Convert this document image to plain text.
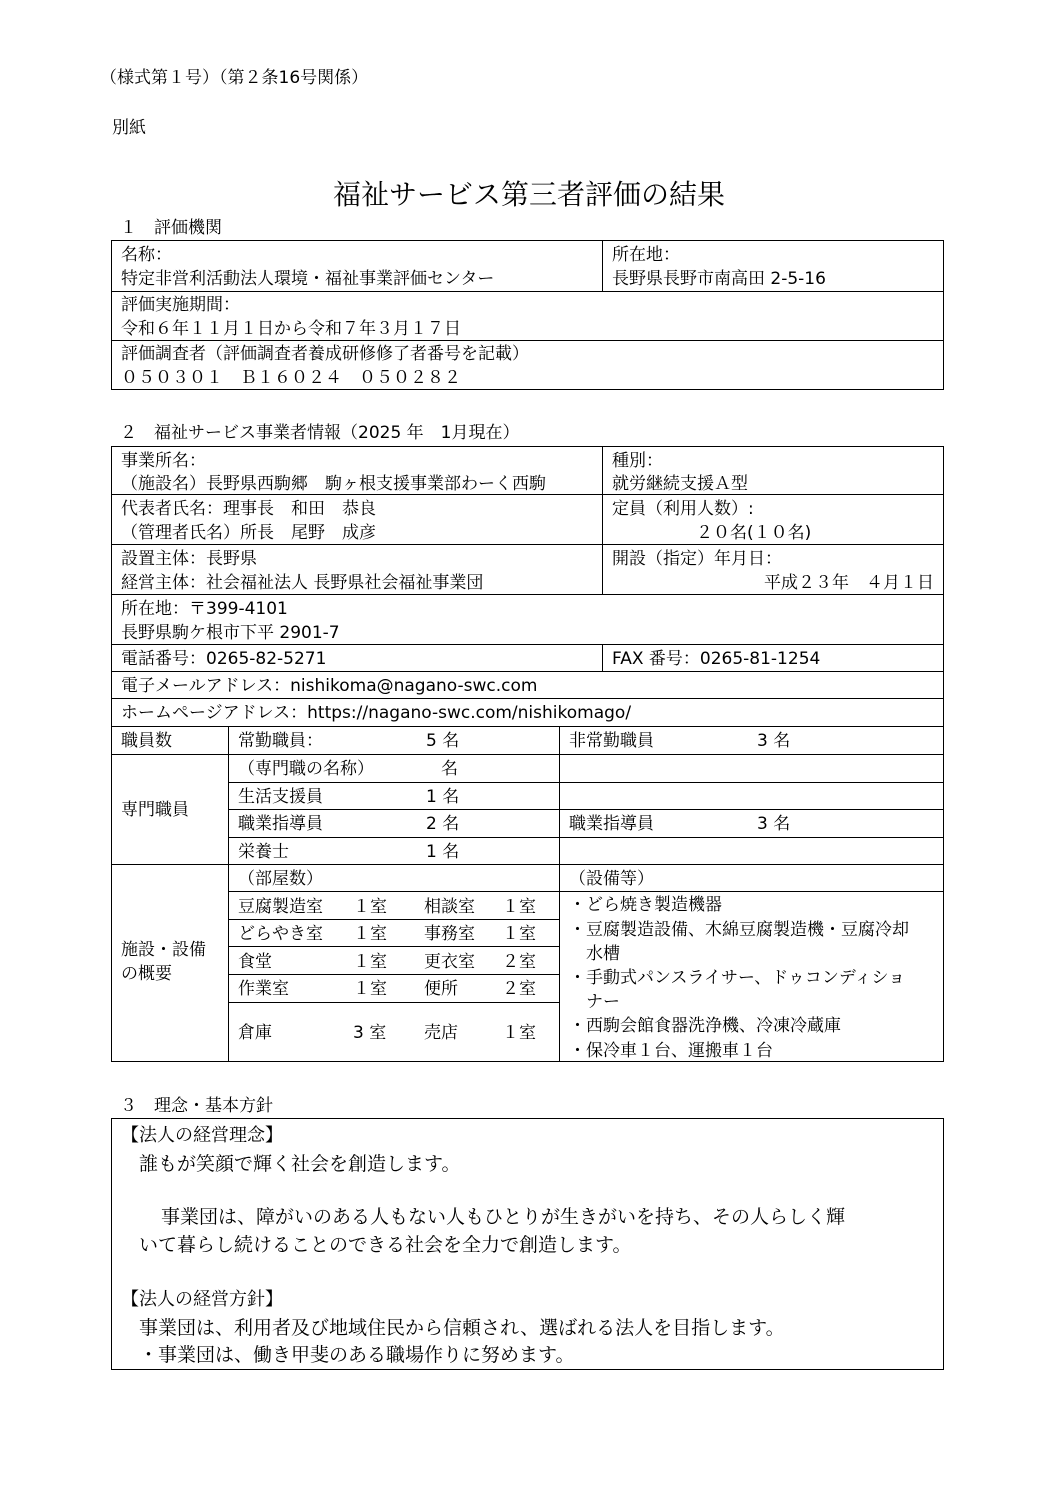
（様式第１号）（第２条16号関係）
別紙
福祉サービス第三者評価の結果
１　評価機関
名称：
特定非営利活動法人環境・福祉事業評価センター
所在地：
長野県長野市南高田 2-5-16
評価実施期間：
令和６年１１月１日から令和７年３月１７日
評価調査者（評価調査者養成研修修了者番号を記載）
０５０３０１　Ｂ１６０２４　０５０２８２
２　福祉サービス事業者情報（2025 年　1月現在）
事業所名：
（施設名）長野県西駒郷　駒ヶ根支援事業部わーく西駒
種別：
就労継続支援Ａ型
代表者氏名：理事長　和田　恭良
（管理者氏名）所長　尾野　成彦
定員（利用人数）:
２０名(１０名)
設置主体：長野県
経営主体：社会福祉法人 長野県社会福祉事業団
開設（指定）年月日：
平成２３年　４月１日
所在地：〒399-4101
長野県駒ケ根市下平 2901-7
電話番号：0265-82-5271	FAX 番号：0265-81-1254
電子メールアドレス：nishikoma@nagano-swc.com
ホームページアドレス：https://nagano-swc.com/nishikomago/
職員数	常勤職員：	5 名	非常勤職員	3 名
専門職員
（専門職の名称）	名
生活支援員	1 名
職業指導員	2 名	職業指導員	3 名
栄養士	1 名
施設・設備
の概要
（部屋数）
豆腐製造室	１室	相談室	１室
どらやき室	１室	事務室	１室
食堂	１室	更衣室	２室
作業室	１室	便所	２室
倉庫	3 室	売店	１室
（設備等）
・どら焼き製造機器
・豆腐製造設備、木綿豆腐製造機・豆腐冷却
　水槽
・手動式パンスライサー、ドゥコンディショ
　ナー
・西駒会館食器洗浄機、冷凍冷蔵庫
・保冷車１台、運搬車１台
３　理念・基本方針
【法人の経営理念】
誰もが笑顔で輝く社会を創造します。
事業団は、障がいのある人もない人もひとりが生きがいを持ち、その人らしく輝
いて暮らし続けることのできる社会を全力で創造します。
【法人の経営方針】
事業団は、利用者及び地域住民から信頼され、選ばれる法人を目指します。
・事業団は、働き甲斐のある職場作りに努めます。
